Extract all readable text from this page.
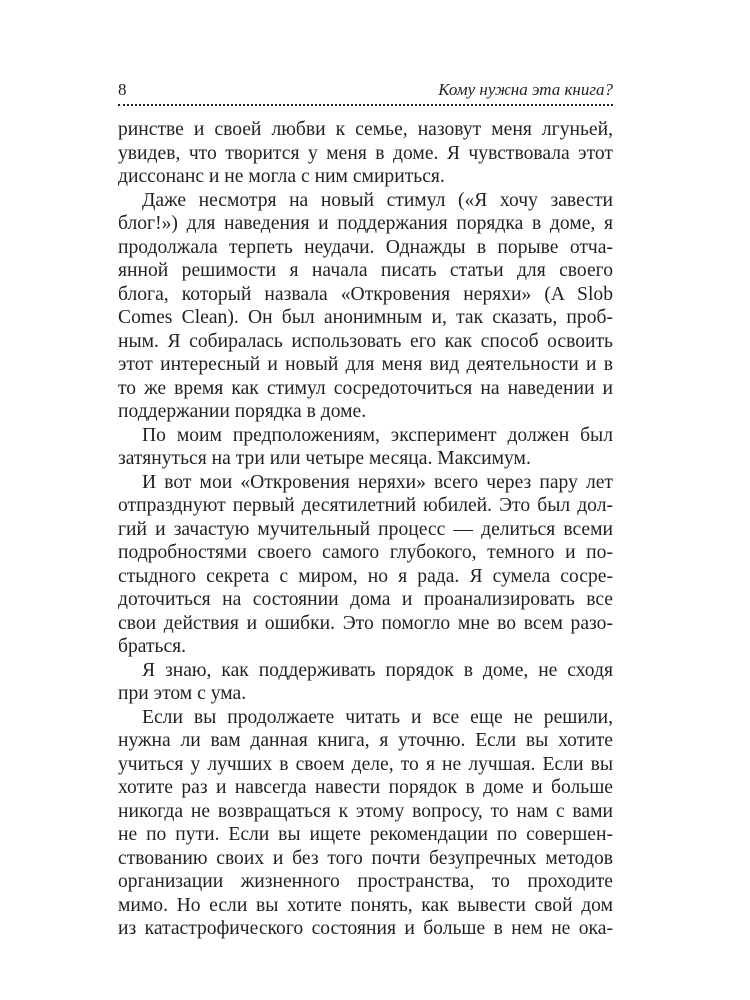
8	Кому нужна эта книга?
ринстве и своей любви к семье, назовут меня лгуньей,
увидев, что творится у меня в доме. Я чувствовала этот
диссонанс и не могла с ним смириться.
Даже несмотря на новый стимул («Я хочу завести
блог!») для наведения и поддержания порядка в доме, я
продолжала терпеть неудачи. Однажды в порыве отча-
янной решимости я начала писать статьи для своего
блога, который назвала «Откровения неряхи» (A Slob
Comes Clean). Он был анонимным и, так сказать, проб-
ным. Я собиралась использовать его как способ освоить
этот интересный и новый для меня вид деятельности и в
то же время как стимул сосредоточиться на наведении и
поддержании порядка в доме.
По моим предположениям, эксперимент должен был
затянуться на три или четыре месяца. Максимум.
И вот мои «Откровения неряхи» всего через пару лет
отпразднуют первый десятилетний юбилей. Это был дол-
гий и зачастую мучительный процесс — делиться всеми
подробностями своего самого глубокого, темного и по-
стыдного секрета с миром, но я рада. Я сумела сосре-
доточиться на состоянии дома и проанализировать все
свои действия и ошибки. Это помогло мне во всем разо-
браться.
Я знаю, как поддерживать порядок в доме, не сходя
при этом с ума.
Если вы продолжаете читать и все еще не решили,
нужна ли вам данная книга, я уточню. Если вы хотите
учиться у лучших в своем деле, то я не лучшая. Если вы
хотите раз и навсегда навести порядок в доме и больше
никогда не возвращаться к этому вопросу, то нам с вами
не по пути. Если вы ищете рекомендации по совершен-
ствованию своих и без того почти безупречных методов
организации жизненного пространства, то проходите
мимо. Но если вы хотите понять, как вывести свой дом
из катастрофического состояния и больше в нем не ока-
